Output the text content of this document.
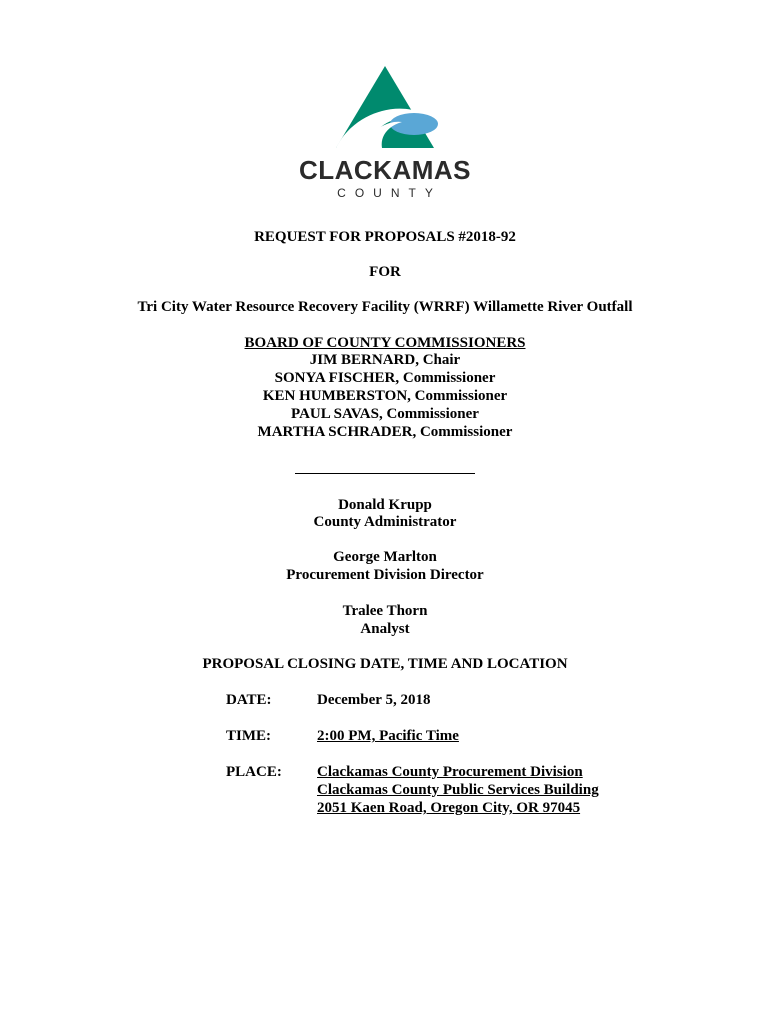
CLACKAMAS
COUNTY
REQUEST FOR PROPOSALS #2018-92
FOR
Tri City Water Resource Recovery Facility (WRRF) Willamette River Outfall
BOARD OF COUNTY COMMISSIONERS
JIM BERNARD, Chair
SONYA FISCHER, Commissioner
KEN HUMBERSTON, Commissioner
PAUL SAVAS, Commissioner
MARTHA SCHRADER, Commissioner
Donald Krupp
County Administrator
George Marlton
Procurement Division Director
Tralee Thorn
Analyst
PROPOSAL CLOSING DATE, TIME AND LOCATION
DATE:	December 5, 2018
TIME:	2:00 PM, Pacific Time
PLACE: Clackamas County Procurement Division
Clackamas County Public Services Building
2051 Kaen Road, Oregon City, OR 97045
